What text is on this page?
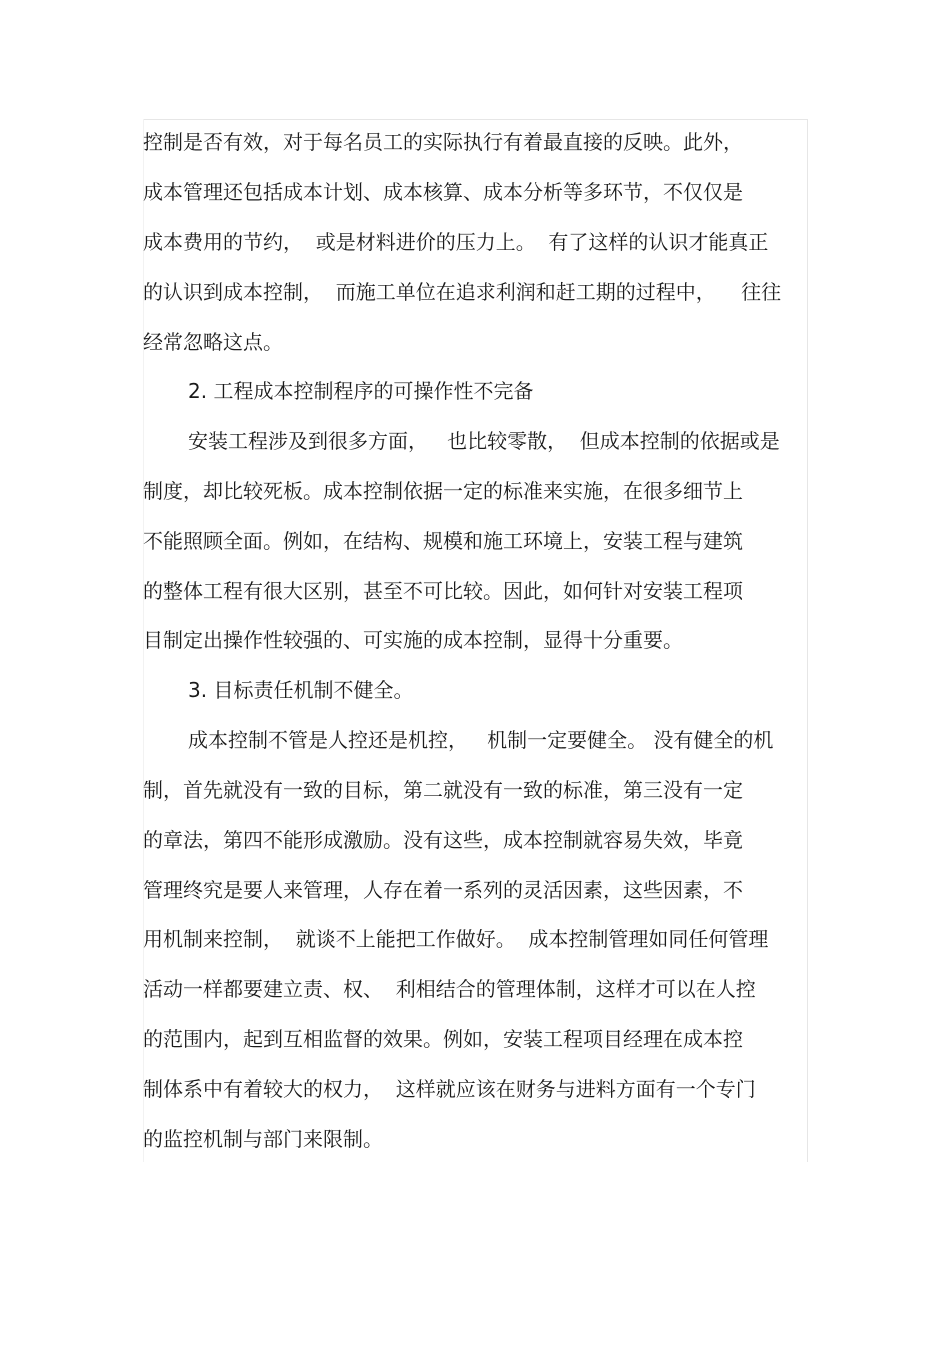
控制是否有效，对于每名员工的实际执行有着最直接的反映。此外，
成本管理还包括成本计划、成本核算、成本分析等多环节，不仅仅是
成本费用的节约，  或是材料进价的压力上。  有了这样的认识才能真正
的认识到成本控制，  而施工单位在追求利润和赶工期的过程中，    往往
经常忽略这点。
2. 工程成本控制程序的可操作性不完备
安装工程涉及到很多方面，   也比较零散，  但成本控制的依据或是
制度，却比较死板。成本控制依据一定的标准来实施，在很多细节上
不能照顾全面。例如，在结构、规模和施工环境上，安装工程与建筑
的整体工程有很大区别，甚至不可比较。因此，如何针对安装工程项
目制定出操作性较强的、可实施的成本控制，显得十分重要。
3. 目标责任机制不健全。
成本控制不管是人控还是机控，   机制一定要健全。 没有健全的机
制，首先就没有一致的目标，第二就没有一致的标准，第三没有一定
的章法，第四不能形成激励。没有这些，成本控制就容易失效，毕竟
管理终究是要人来管理，人存在着一系列的灵活因素，这些因素，不
用机制来控制，  就谈不上能把工作做好。  成本控制管理如同任何管理
活动一样都要建立责、权、  利相结合的管理体制，这样才可以在人控
的范围内，起到互相监督的效果。例如，安装工程项目经理在成本控
制体系中有着较大的权力，  这样就应该在财务与进料方面有一个专门
的监控机制与部门来限制。
